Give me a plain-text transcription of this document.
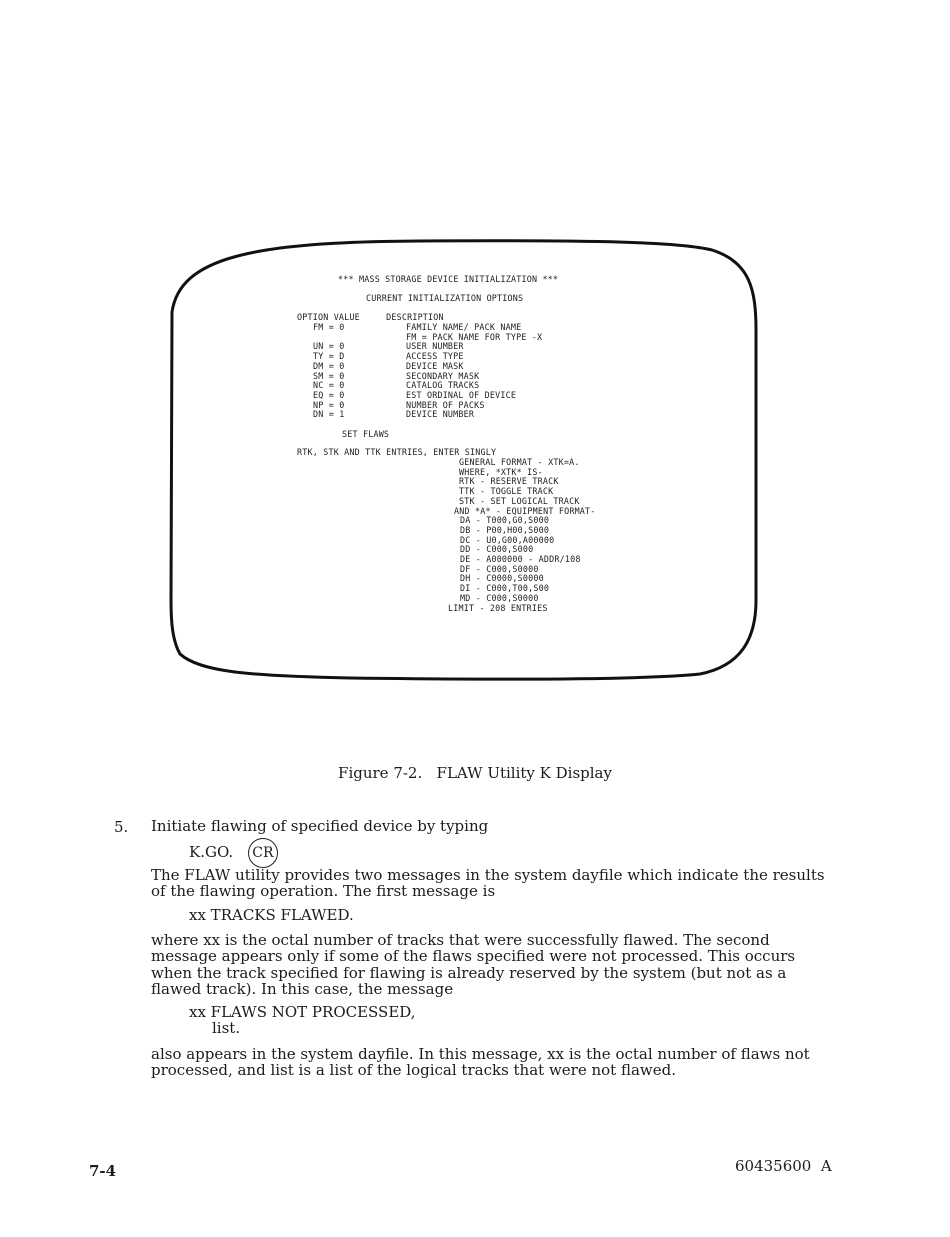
*** MASS STORAGE DEVICE INITIALIZATION ***
CURRENT INITIALIZATION OPTIONS
OPTION VALUE     DESCRIPTION
FM = 0	FAMILY NAME/ PACK NAME
FM = PACK NAME FOR TYPE -X
UN = 0	USER NUMBER
TY = D	ACCESS TYPE
DM = 0	DEVICE MASK
SM = 0	SECONDARY MASK
NC = 0	CATALOG TRACKS
EQ = 0	EST ORDINAL OF DEVICE
NP = 0	NUMBER OF PACKS
DN = 1	DEVICE NUMBER
SET FLAWS
RTK, STK AND TTK ENTRIES, ENTER SINGLY
GENERAL FORMAT - XTK=A.
WHERE, *XTK* IS-
RTK - RESERVE TRACK
TTK - TOGGLE TRACK
STK - SET LOGICAL TRACK
AND *A* - EQUIPMENT FORMAT-
DA - T000,G0,S000
DB - P00,H00,S000
DC - U0,G00,A00000
DD - C000,S000
DE - A000000 - ADDR/108
DF - C000,S0000
DH - C0000,S0000
DI - C000,T00,S00
MD - C000,S0000
LIMIT - 208 ENTRIES
Figure 7-2.   FLAW Utility K Display
5. Initiate flawing of specified device by typing

K.GO. CR

The FLAW utility provides two messages in the system dayfile which indicate the results of the flawing operation. The first message is

xx TRACKS FLAWED.

where xx is the octal number of tracks that were successfully flawed. The second message appears only if some of the flaws specified were not processed. This occurs when the track specified for flawing is already reserved by the system (but not as a flawed track). In this case, the message

xx FLAWS NOT PROCESSED,

list.

also appears in the system dayfile. In this message, xx is the octal number of flaws not processed, and list is a list of the logical tracks that were not flawed.

7-4	60435600  A
